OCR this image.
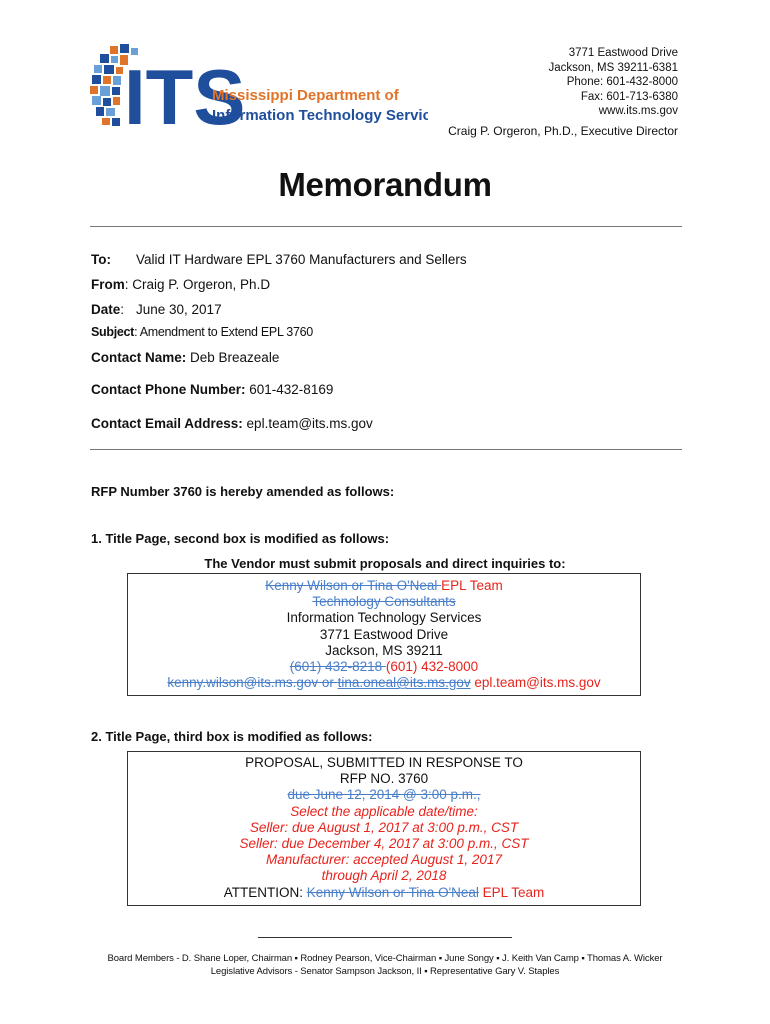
ITS
Mississippi Department of
Information Technology Services
3771 Eastwood Drive
Jackson, MS 39211-6381
Phone: 601-432-8000
Fax: 601-713-6380
www.its.ms.gov
Craig P. Orgeron, Ph.D., Executive Director
Memorandum
To: Valid IT Hardware EPL 3760 Manufacturers and Sellers
From: Craig P. Orgeron, Ph.D
Date: June 30, 2017
Subject: Amendment to Extend EPL 3760
Contact Name: Deb Breazeale
Contact Phone Number: 601-432-8169
Contact Email Address: epl.team@its.ms.gov
RFP Number 3760 is hereby amended as follows:
1. Title Page, second box is modified as follows:
The Vendor must submit proposals and direct inquiries to:
Kenny Wilson or Tina O'Neal EPL Team
Technology Consultants
Information Technology Services
3771 Eastwood Drive
Jackson, MS 39211
(601) 432-8218 (601) 432-8000
kenny.wilson@its.ms.gov or tina.oneal@its.ms.gov epl.team@its.ms.gov
2. Title Page, third box is modified as follows:
PROPOSAL, SUBMITTED IN RESPONSE TO
RFP NO. 3760
due June 12, 2014 @ 3:00 p.m.,
Select the applicable date/time:
Seller: due August 1, 2017 at 3:00 p.m., CST
Seller: due December 4, 2017 at 3:00 p.m., CST
Manufacturer: accepted August 1, 2017
through April 2, 2018
ATTENTION: Kenny Wilson or Tina O'Neal EPL Team
Board Members - D. Shane Loper, Chairman ▪ Rodney Pearson, Vice-Chairman ▪ June Songy ▪ J. Keith Van Camp ▪ Thomas A. Wicker
Legislative Advisors - Senator Sampson Jackson, II ▪ Representative Gary V. Staples
